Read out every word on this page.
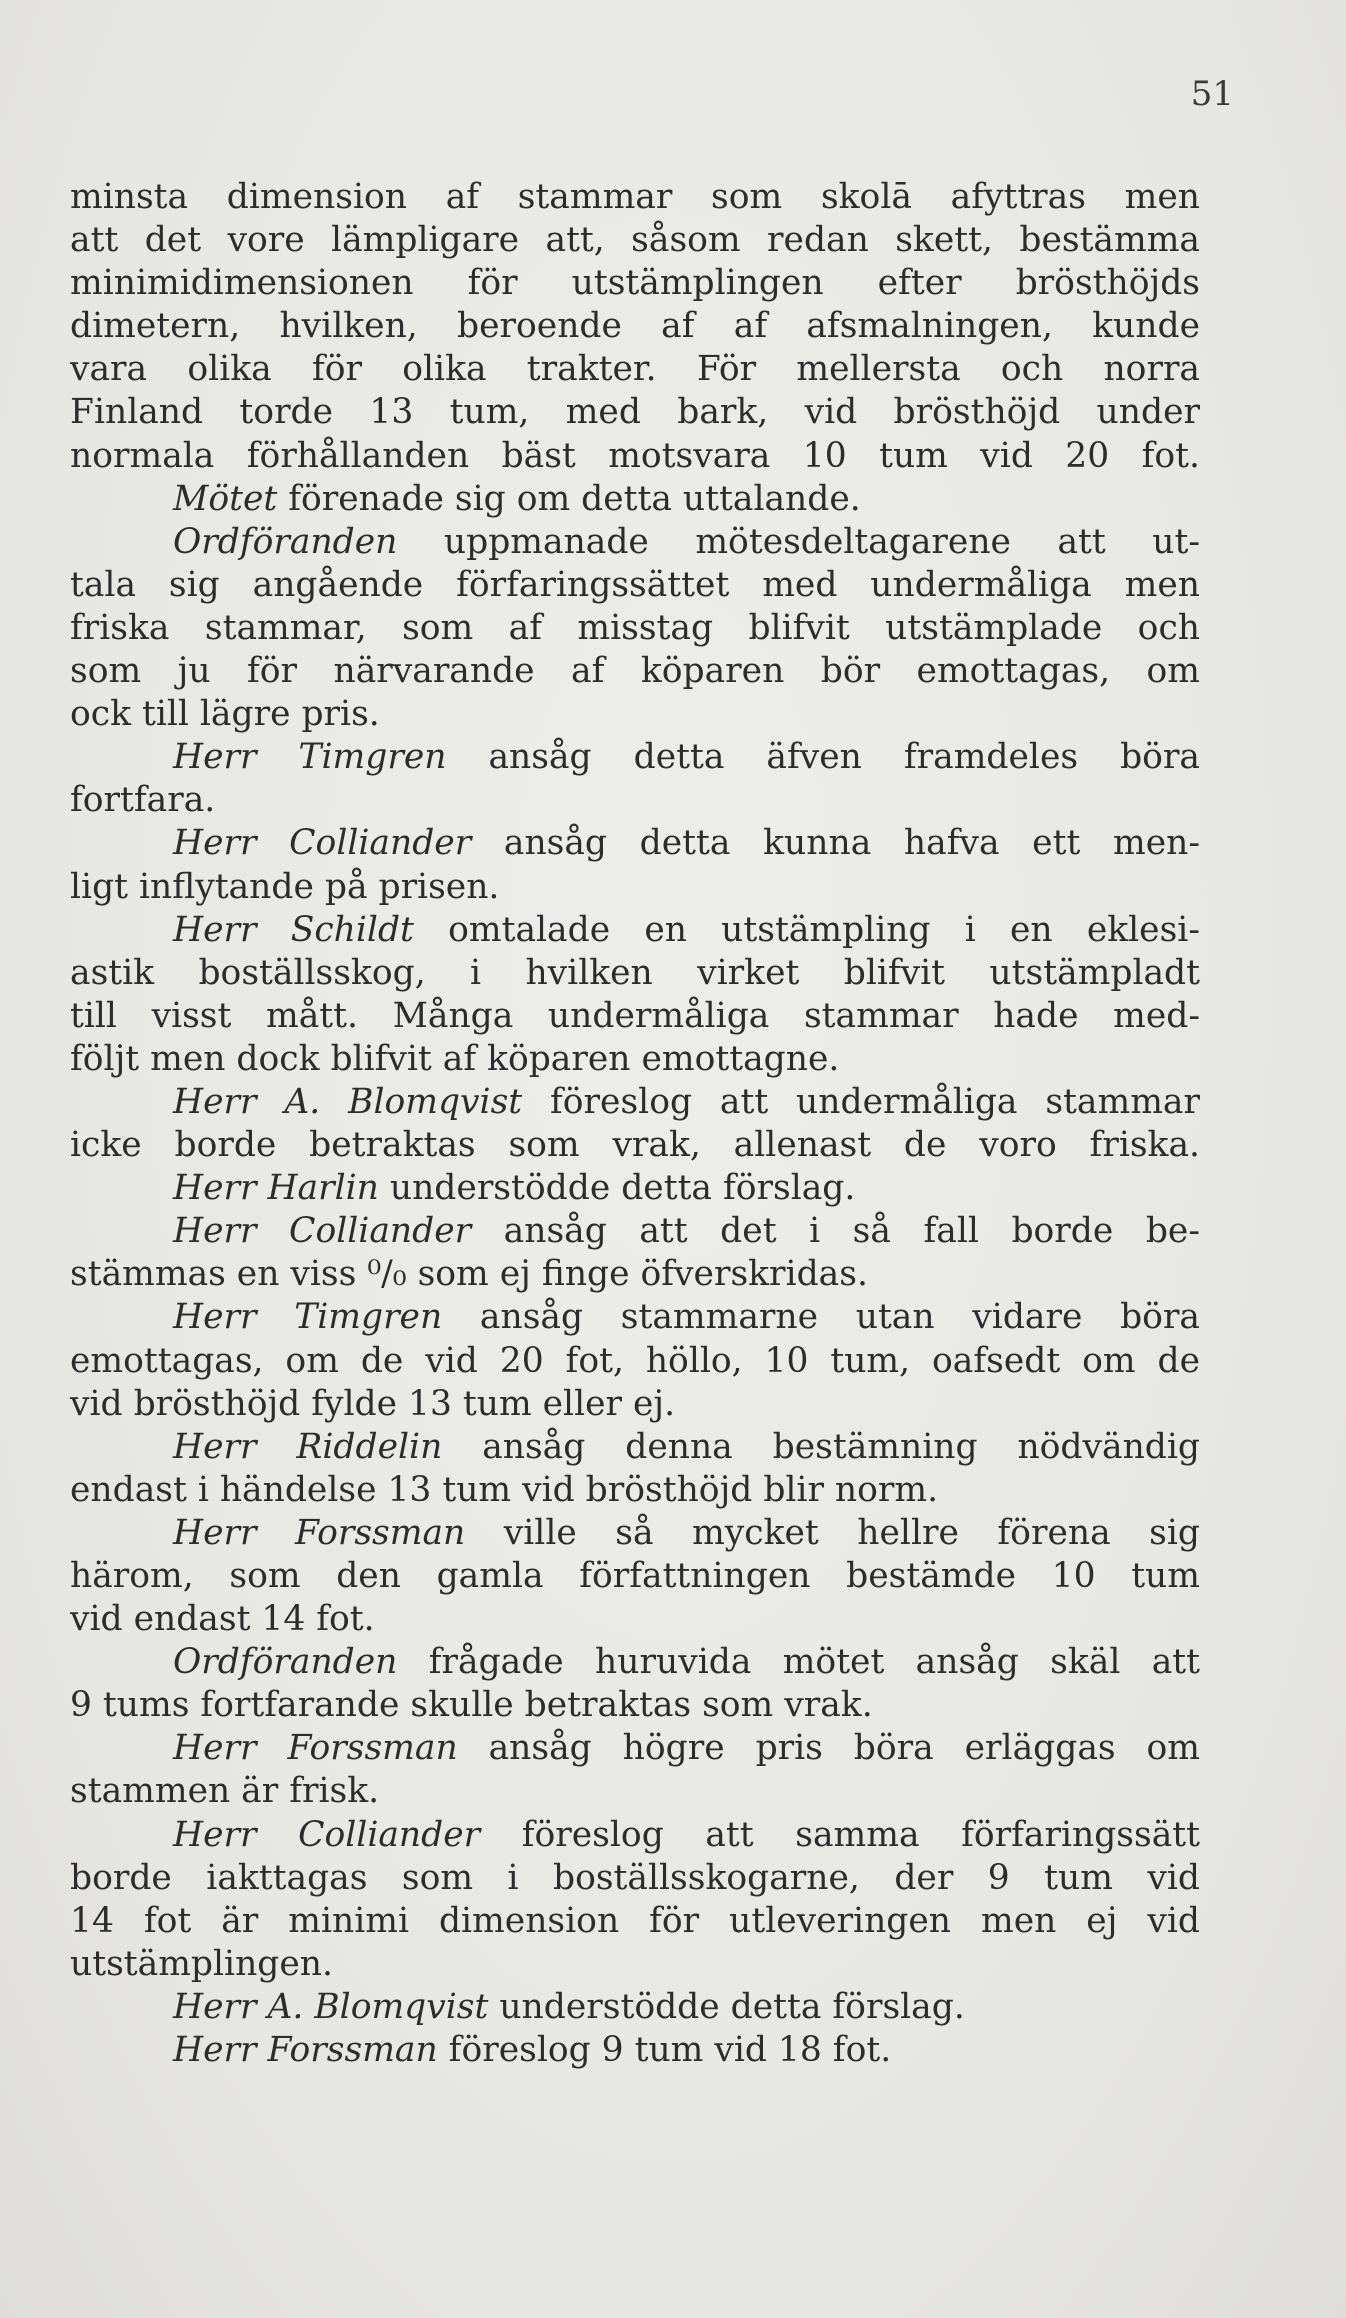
51
minsta dimension af stammar som skolā afyttras men
att det vore lämpligare att, såsom redan skett, bestämma
minimidimensionen för utstämplingen efter brösthöjds
dimetern, hvilken, beroende af af afsmalningen, kunde
vara olika för olika trakter. För mellersta och norra
Finland torde 13 tum, med bark, vid brösthöjd under
normala förhållanden bäst motsvara 10 tum vid 20 fot.
Mötet förenade sig om detta uttalande.
Ordföranden uppmanade mötesdeltagarene att ut-
tala sig angående förfaringssättet med undermåliga men
friska stammar, som af misstag blifvit utstämplade och
som ju för närvarande af köparen bör emottagas, om
ock till lägre pris.
Herr Timgren ansåg detta äfven framdeles böra
fortfara.
Herr Colliander ansåg detta kunna hafva ett men-
ligt inflytande på prisen.
Herr Schildt omtalade en utstämpling i en eklesi-
astik boställsskog, i hvilken virket blifvit utstämpladt
till visst mått. Många undermåliga stammar hade med-
följt men dock blifvit af köparen emottagne.
Herr A. Blomqvist föreslog att undermåliga stammar
icke borde betraktas som vrak, allenast de voro friska.
Herr Harlin understödde detta förslag.
Herr Colliander ansåg att det i så fall borde be-
stämmas en viss ⁰/₀ som ej finge öfverskridas.
Herr Timgren ansåg stammarne utan vidare böra
emottagas, om de vid 20 fot, höllo, 10 tum, oafsedt om de
vid brösthöjd fylde 13 tum eller ej.
Herr Riddelin ansåg denna bestämning nödvändig
endast i händelse 13 tum vid brösthöjd blir norm.
Herr Forssman ville så mycket hellre förena sig
härom, som den gamla författningen bestämde 10 tum
vid endast 14 fot.
Ordföranden frågade huruvida mötet ansåg skäl att
9 tums fortfarande skulle betraktas som vrak.
Herr Forssman ansåg högre pris böra erläggas om
stammen är frisk.
Herr Colliander föreslog att samma förfaringssätt
borde iakttagas som i boställsskogarne, der 9 tum vid
14 fot är minimi dimension för utleveringen men ej vid
utstämplingen.
Herr A. Blomqvist understödde detta förslag.
Herr Forssman föreslog 9 tum vid 18 fot.
